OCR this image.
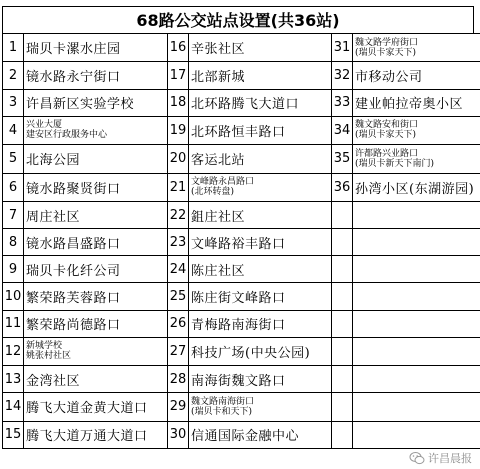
68路公交站点设置(共36站)
1	瑞贝卡漯水庄园	16	辛张社区	31	魏文路学府街口
(瑞贝卡家天下)

2	镜水路永宁街口	17	北部新城	32	市移动公司
3	许昌新区实验学校	18	北环路腾飞大道口	33	建业帕拉帝奥小区
4	兴业大厦
建安区行政服务中心	19	北环路恒丰路口	34	魏文路安和街口
(瑞贝卡家天下)

5	北海公园	20	客运北站	35	许都路兴业路口
(瑞贝卡新天下南门)

6	镜水路聚贤街口	21	文峰路永昌路口
(北环转盘)	36	孙湾小区(东湖游园)
7	周庄社区	22	鉏庄社区		
8	镜水路昌盛路口	23	文峰路裕丰路口		
9	瑞贝卡化纤公司	24	陈庄社区		
10	繁荣路芙蓉路口	25	陈庄街文峰路口		
11	繁荣路尚德路口	26	青梅路南海街口		
12	新城学校
姚张村社区	27	科技广场(中央公园)		
13	金湾社区	28	南海街魏文路口		
14	腾飞大道金黄大道口	29	魏文路南海街口
(瑞贝卡和天下)		

15	腾飞大道万通大道口	30	信通国际金融中心		
许昌晨报
